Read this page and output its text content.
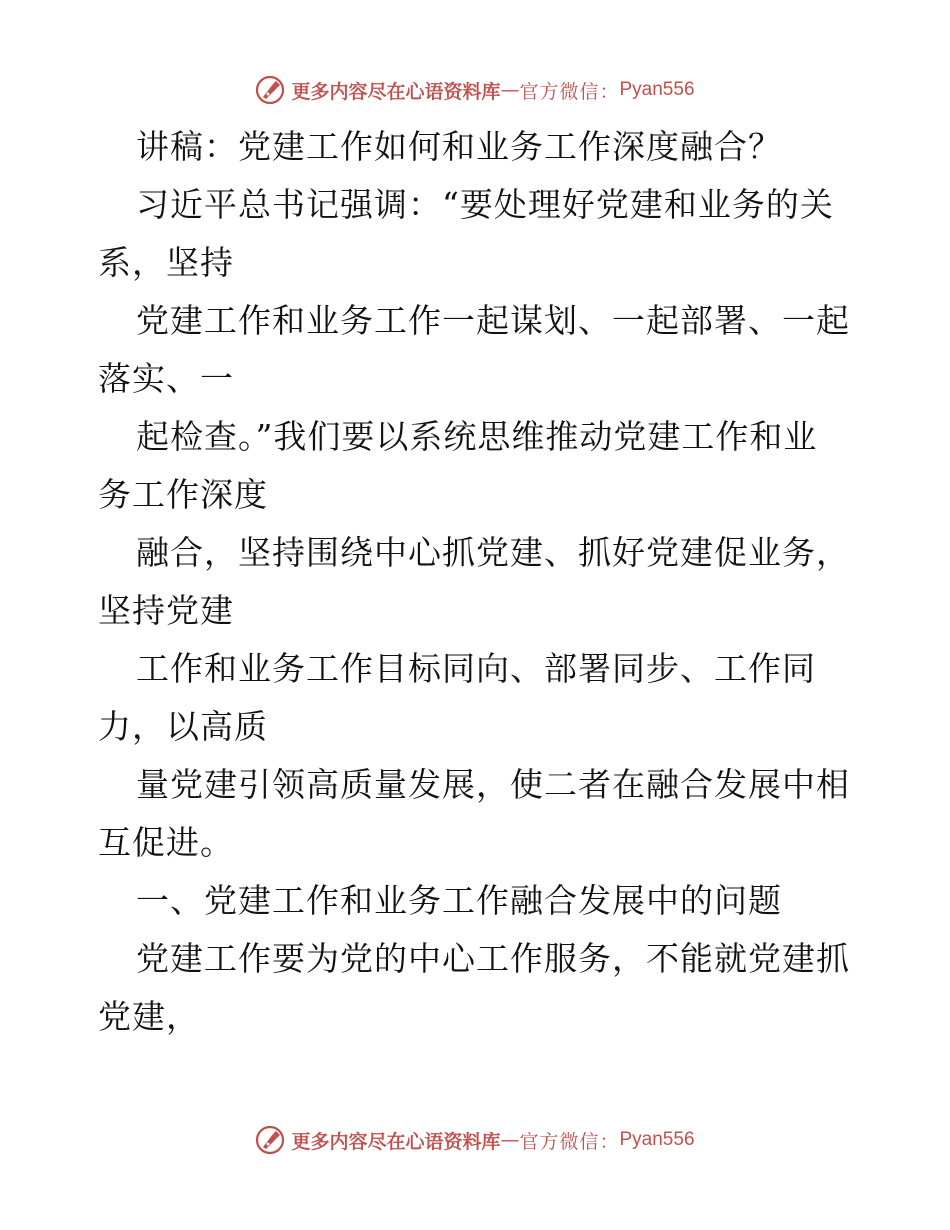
更多内容尽在心语资料库 — 官方微信： Pyan556

讲稿：党建工作如何和业务工作深度融合？

习近平总书记强调：“要处理好党建和业务的关
系，坚持

党建工作和业务工作一起谋划、一起部署、一起
落实、一

起检查。”我们要以系统思维推动党建工作和业
务工作深度

融合，坚持围绕中心抓党建、抓好党建促业务，
坚持党建

工作和业务工作目标同向、部署同步、工作同
力，以高质

量党建引领高质量发展，使二者在融合发展中相
互促进。

一、党建工作和业务工作融合发展中的问题

党建工作要为党的中心工作服务，不能就党建抓
党建，

更多内容尽在心语资料库 — 官方微信： Pyan556
